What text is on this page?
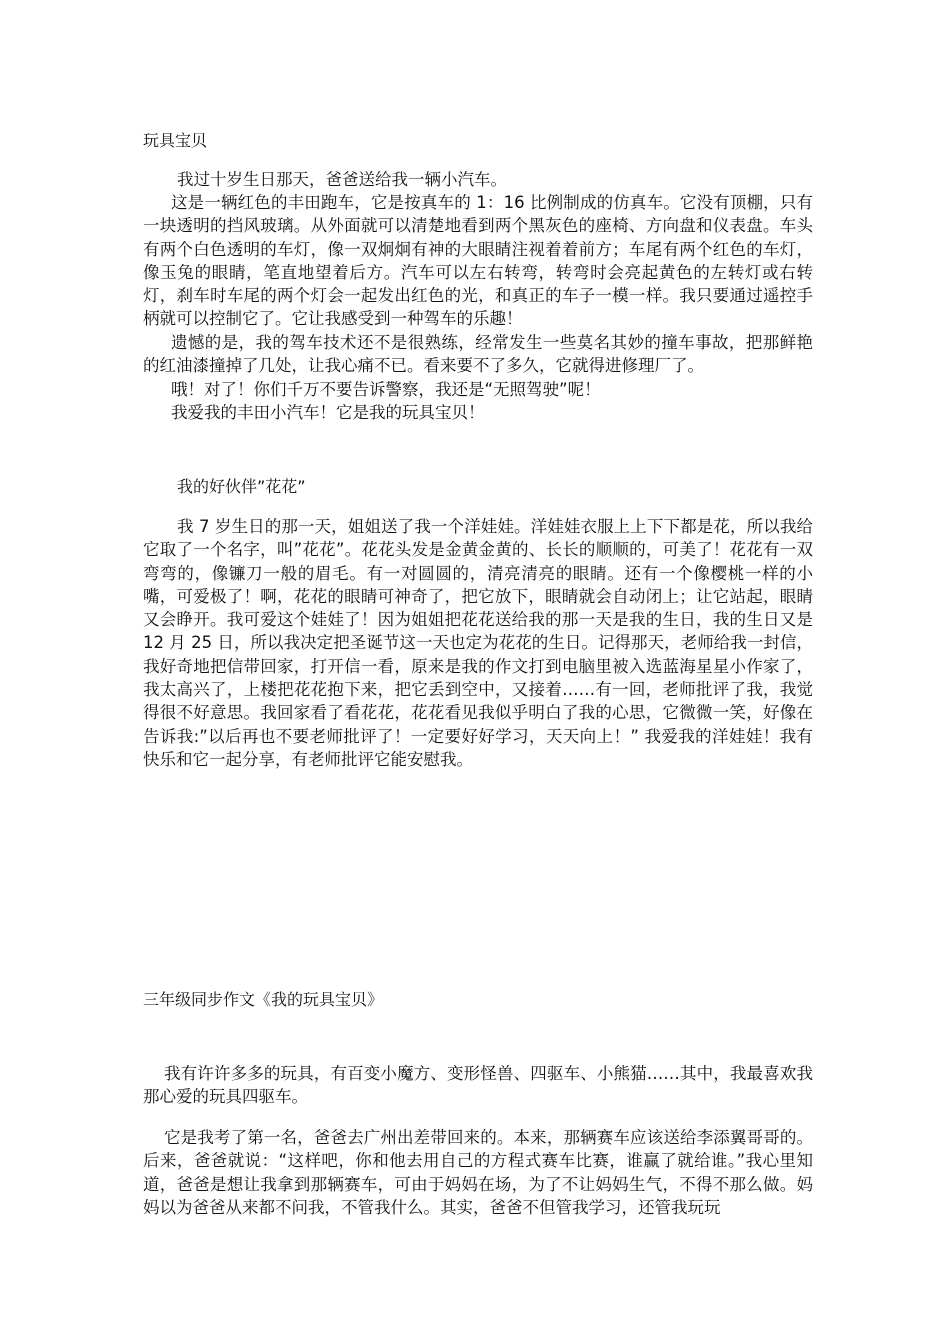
玩具宝贝

我过十岁生日那天，爸爸送给我一辆小汽车。

这是一辆红色的丰田跑车，它是按真车的 1：16 比例制成的仿真车。它没有顶棚，只有一块透明的挡风玻璃。从外面就可以清楚地看到两个黑灰色的座椅、方向盘和仪表盘。车头有两个白色透明的车灯，像一双炯炯有神的大眼睛注视着着前方；车尾有两个红色的车灯，像玉兔的眼睛，笔直地望着后方。汽车可以左右转弯，转弯时会亮起黄色的左转灯或右转灯，刹车时车尾的两个灯会一起发出红色的光，和真正的车子一模一样。我只要通过遥控手柄就可以控制它了。它让我感受到一种驾车的乐趣！

遗憾的是，我的驾车技术还不是很熟练，经常发生一些莫名其妙的撞车事故，把那鲜艳的红油漆撞掉了几处，让我心痛不已。看来要不了多久，它就得进修理厂了。

哦！对了！你们千万不要告诉警察，我还是“无照驾驶”呢！

我爱我的丰田小汽车！它是我的玩具宝贝！

我的好伙伴”花花”

我 7 岁生日的那一天，姐姐送了我一个洋娃娃。洋娃娃衣服上上下下都是花，所以我给它取了一个名字，叫”花花”。花花头发是金黄金黄的、长长的顺顺的，可美了！花花有一双弯弯的，像镰刀一般的眉毛。有一对圆圆的，清亮清亮的眼睛。还有一个像樱桃一样的小嘴，可爱极了！啊，花花的眼睛可神奇了，把它放下，眼睛就会自动闭上；让它站起，眼睛又会睁开。我可爱这个娃娃了！因为姐姐把花花送给我的那一天是我的生日，我的生日又是 12 月 25 日，所以我决定把圣诞节这一天也定为花花的生日。记得那天，老师给我一封信，我好奇地把信带回家，打开信一看，原来是我的作文打到电脑里被入选蓝海星星小作家了，我太高兴了，上楼把花花抱下来，把它丢到空中，又接着……有一回，老师批评了我，我觉得很不好意思。我回家看了看花花，花花看见我似乎明白了我的心思，它微微一笑，好像在告诉我:”以后再也不要老师批评了！一定要好好学习，天天向上！” 我爱我的洋娃娃！我有快乐和它一起分享，有老师批评它能安慰我。

三年级同步作文《我的玩具宝贝》

我有许许多多的玩具，有百变小魔方、变形怪兽、四驱车、小熊猫……其中，我最喜欢我那心爱的玩具四驱车。

它是我考了第一名，爸爸去广州出差带回来的。本来，那辆赛车应该送给李添翼哥哥的。后来，爸爸就说：“这样吧，你和他去用自己的方程式赛车比赛，谁赢了就给谁。”我心里知道，爸爸是想让我拿到那辆赛车，可由于妈妈在场，为了不让妈妈生气，不得不那么做。妈妈以为爸爸从来都不问我，不管我什么。其实，爸爸不但管我学习，还管我玩玩
